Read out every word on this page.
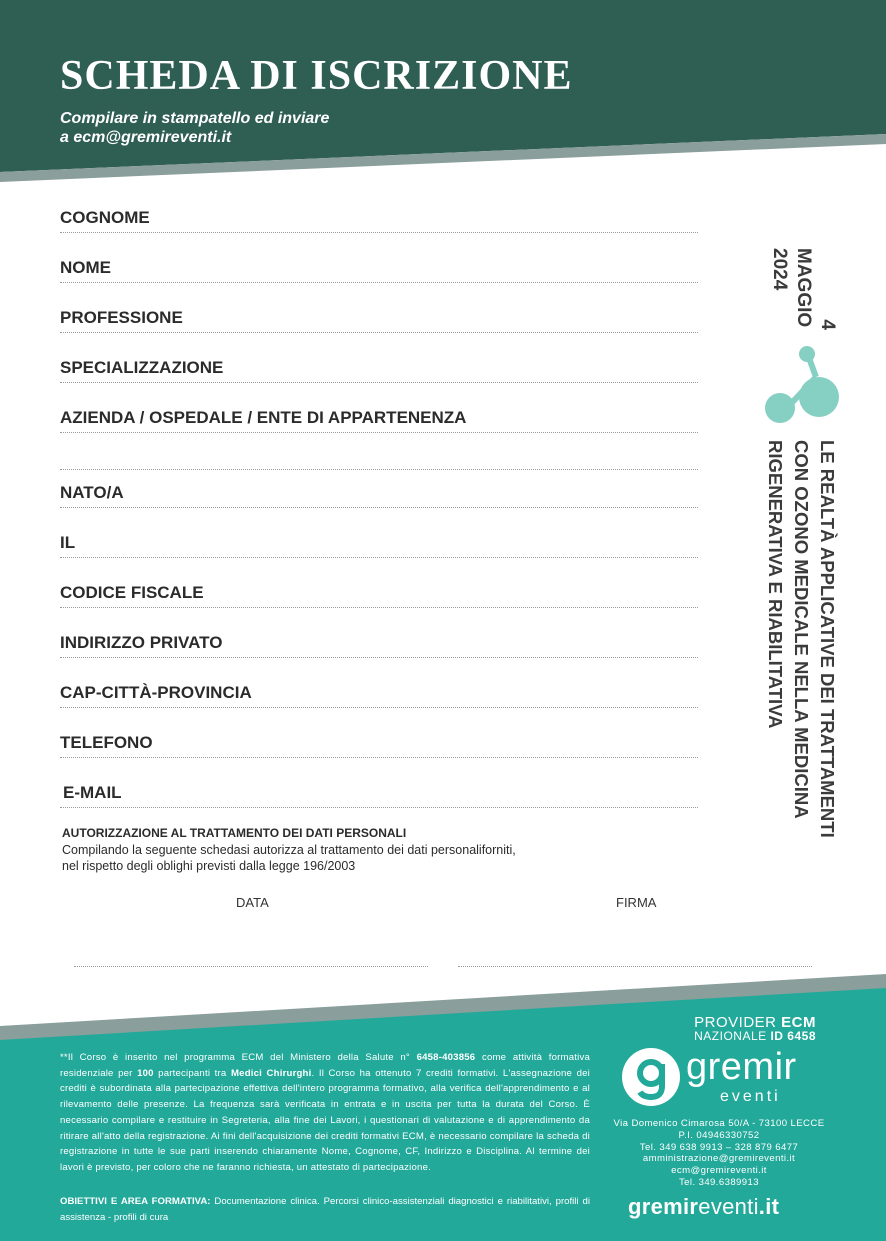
SCHEDA DI ISCRIZIONE
Compilare in stampatello ed inviare
a ecm@gremireventi.it
COGNOME
NOME
PROFESSIONE
SPECIALIZZAZIONE
AZIENDA / OSPEDALE / ENTE DI APPARTENENZA
NATO/A
IL
CODICE FISCALE
INDIRIZZO PRIVATO
CAP-CITTÀ-PROVINCIA
TELEFONO
E-MAIL
AUTORIZZAZIONE AL TRATTAMENTO DEI DATI PERSONALI
Compilando la seguente schedasi autorizza al trattamento dei dati personaliforniti,
nel rispetto degli oblighi previsti dalla legge 196/2003
DATA	FIRMA
4
MAGGIO
2024
LE REALTÀ APPLICATIVE DEI TRATTAMENTI
CON OZONO MEDICALE NELLA MEDICINA
RIGENERATIVA E RIABILITATIVA
**Il Corso è inserito nel programma ECM del Ministero della Salute n° 6458-403856 come attività formativa residenziale per 100 partecipanti tra Medici Chirurghi. Il Corso ha ottenuto 7 crediti formativi. L'assegnazione dei crediti è subordinata alla partecipazione effettiva dell'intero programma formativo, alla verifica dell'apprendimento e al rilevamento delle presenze. La frequenza sarà verificata in entrata e in uscita per tutta la durata del Corso. È necessario compilare e restituire in Segreteria, alla fine dei Lavori, i questionari di valutazione e di apprendimento da ritirare all'atto della registrazione. Ai fini dell'acquisizione dei crediti formativi ECM, è necessario compilare la scheda di registrazione in tutte le sue parti inserendo chiaramente Nome, Cognome, CF, Indirizzo e Disciplina. Al termine dei lavori è previsto, per coloro che ne faranno richiesta, un attestato di partecipazione.
OBIETTIVI E AREA FORMATIVA: Documentazione clinica. Percorsi clinico-assistenziali diagnostici e riabilitativi, profili di assistenza - profili di cura
PROVIDER ECM
NAZIONALE ID 6458
gremir
eventi
Via Domenico Cimarosa 50/A - 73100 LECCE
P.I. 04946330752
Tel. 349 638 9913 – 328 879 6477
amministrazione@gremireventi.it
ecm@gremireventi.it
Tel. 349.6389913
gremireventi.it
